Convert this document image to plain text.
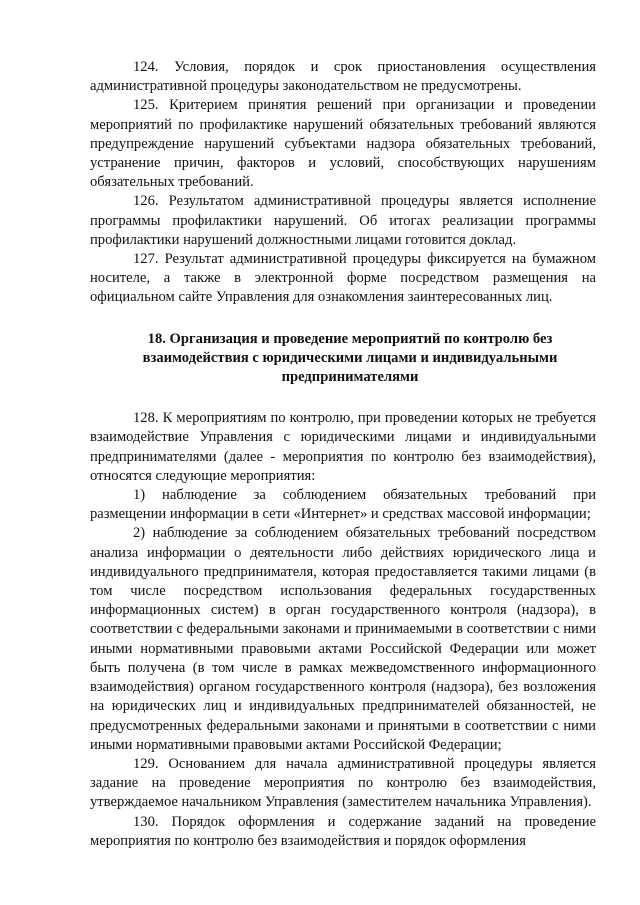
124. Условия, порядок и срок приостановления осуществления административной процедуры законодательством не предусмотрены.

125. Критерием принятия решений при организации и проведении мероприятий по профилактике нарушений обязательных требований являются предупреждение нарушений субъектами надзора обязательных требований, устранение причин, факторов и условий, способствующих нарушениям обязательных требований.

126. Результатом административной процедуры является исполнение программы профилактики нарушений. Об итогах реализации программы профилактики нарушений должностными лицами готовится доклад.

127. Результат административной процедуры фиксируется на бумажном носителе, а также в электронной форме посредством размещения на официальном сайте Управления для ознакомления заинтересованных лиц.

18. Организация и проведение мероприятий по контролю без взаимодействия с юридическими лицами и индивидуальными предпринимателями

128. К мероприятиям по контролю, при проведении которых не требуется взаимодействие Управления с юридическими лицами и индивидуальными предпринимателями (далее - мероприятия по контролю без взаимодействия), относятся следующие мероприятия:

1) наблюдение за соблюдением обязательных требований при размещении информации в сети «Интернет» и средствах массовой информации;

2) наблюдение за соблюдением обязательных требований посредством анализа информации о деятельности либо действиях юридического лица и индивидуального предпринимателя, которая предоставляется такими лицами (в том числе посредством использования федеральных государственных информационных систем) в орган государственного контроля (надзора), в соответствии с федеральными законами и принимаемыми в соответствии с ними иными нормативными правовыми актами Российской Федерации или может быть получена (в том числе в рамках межведомственного информационного взаимодействия) органом государственного контроля (надзора), без возложения на юридических лиц и индивидуальных предпринимателей обязанностей, не предусмотренных федеральными законами и принятыми в соответствии с ними иными нормативными правовыми актами Российской Федерации;

129. Основанием для начала административной процедуры является задание на проведение мероприятия по контролю без взаимодействия, утверждаемое начальником Управления (заместителем начальника Управления).

130. Порядок оформления и содержание заданий на проведение мероприятия по контролю без взаимодействия и порядок оформления
